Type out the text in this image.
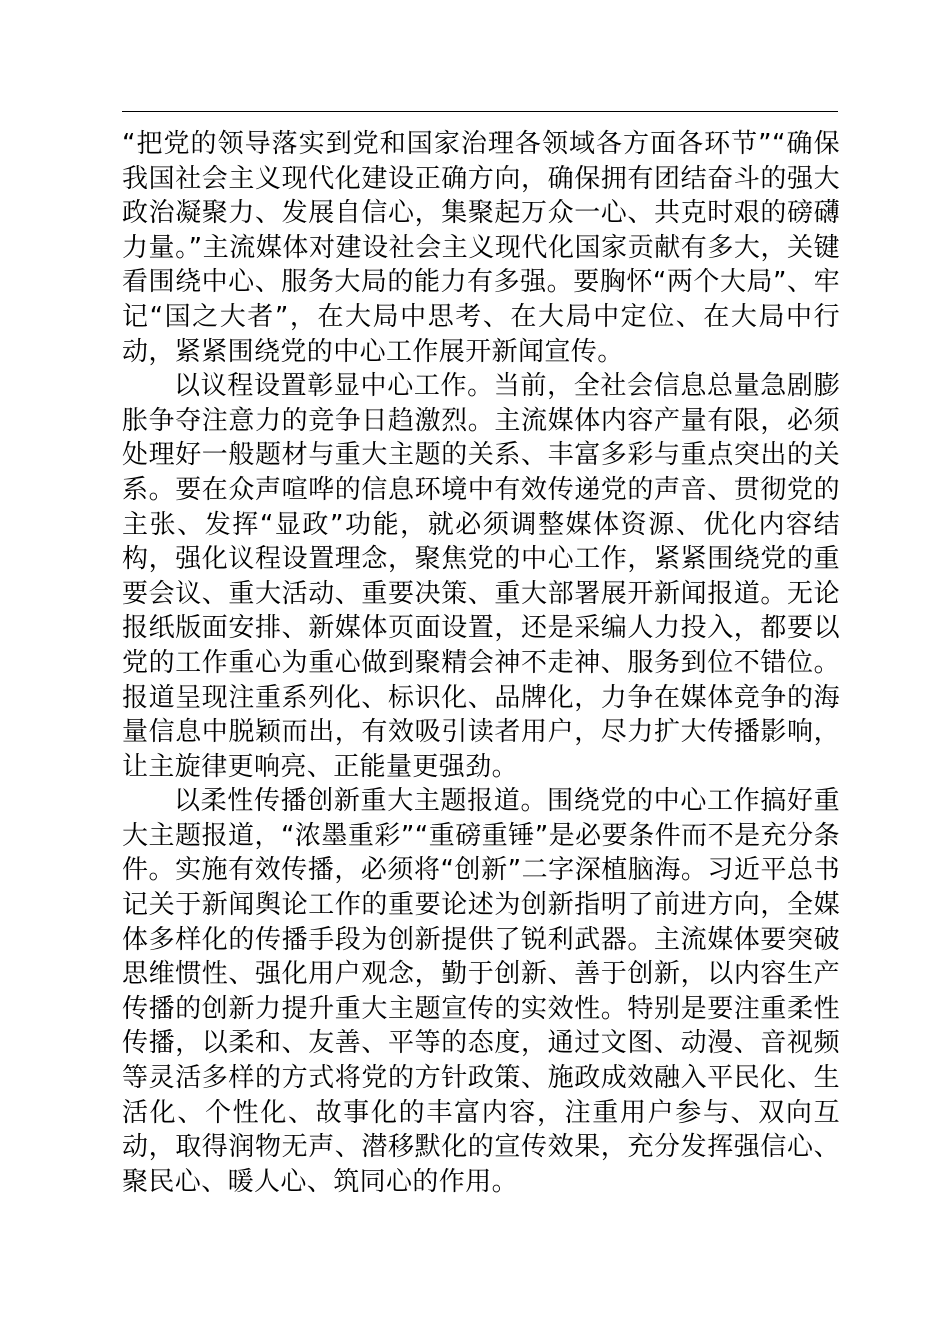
“把党的领导落实到党和国家治理各领域各方面各环节”“确保我国社会主义现代化建设正确方向，确保拥有团结奋斗的强大政治凝聚力、发展自信心，集聚起万众一心、共克时艰的磅礴力量。”主流媒体对建设社会主义现代化国家贡献有多大，关键看围绕中心、服务大局的能力有多强。要胸怀“两个大局”、牢记“国之大者”，在大局中思考、在大局中定位、在大局中行动，紧紧围绕党的中心工作展开新闻宣传。

以议程设置彰显中心工作。当前，全社会信息总量急剧膨胀争夺注意力的竞争日趋激烈。主流媒体内容产量有限，必须处理好一般题材与重大主题的关系、丰富多彩与重点突出的关系。要在众声喧哗的信息环境中有效传递党的声音、贯彻党的主张、发挥“显政”功能，就必须调整媒体资源、优化内容结构，强化议程设置理念，聚焦党的中心工作，紧紧围绕党的重要会议、重大活动、重要决策、重大部署展开新闻报道。无论报纸版面安排、新媒体页面设置，还是采编人力投入，都要以党的工作重心为重心做到聚精会神不走神、服务到位不错位。报道呈现注重系列化、标识化、品牌化，力争在媒体竞争的海量信息中脱颖而出，有效吸引读者用户，尽力扩大传播影响，让主旋律更响亮、正能量更强劲。

以柔性传播创新重大主题报道。围绕党的中心工作搞好重大主题报道，“浓墨重彩”“重磅重锤”是必要条件而不是充分条件。实施有效传播，必须将“创新”二字深植脑海。习近平总书记关于新闻舆论工作的重要论述为创新指明了前进方向，全媒体多样化的传播手段为创新提供了锐利武器。主流媒体要突破思维惯性、强化用户观念，勤于创新、善于创新，以内容生产传播的创新力提升重大主题宣传的实效性。特别是要注重柔性传播，以柔和、友善、平等的态度，通过文图、动漫、音视频等灵活多样的方式将党的方针政策、施政成效融入平民化、生活化、个性化、故事化的丰富内容，注重用户参与、双向互动，取得润物无声、潜移默化的宣传效果，充分发挥强信心、聚民心、暖人心、筑同心的作用。
